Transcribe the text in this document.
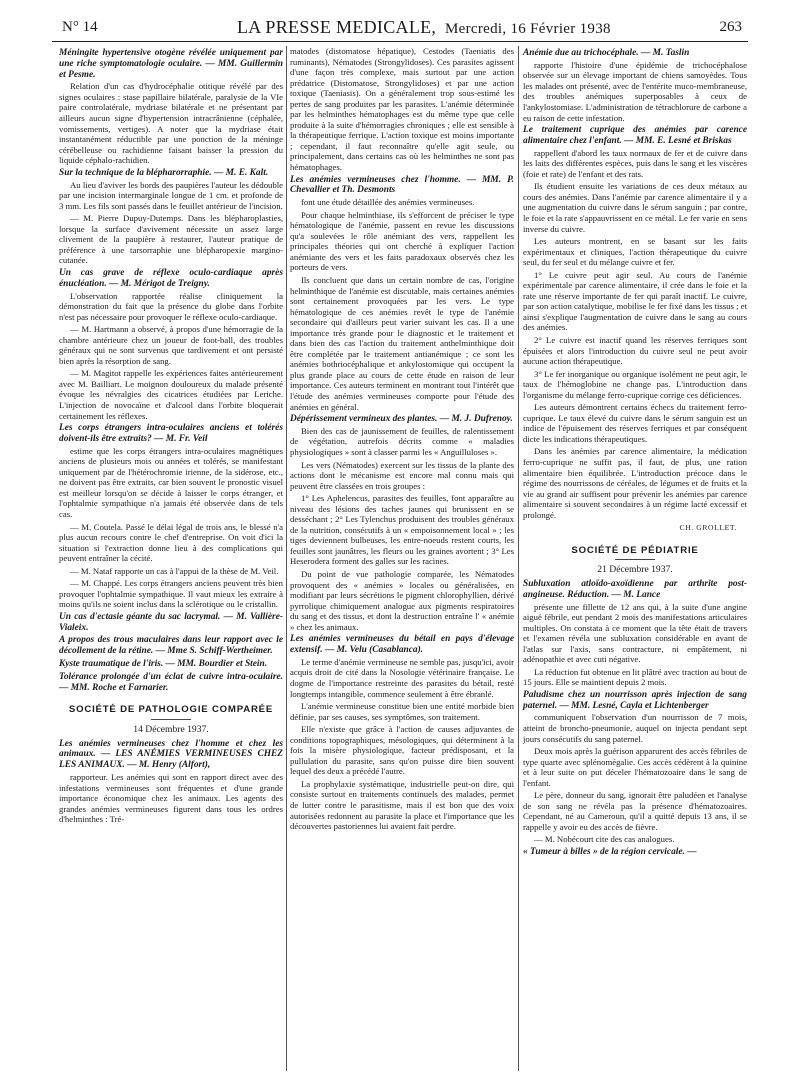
N° 14	LA PRESSE MEDICALE, Mercredi, 16 Février 1938	263
Méningite hypertensive otogène révélée uniquement par une riche symptomatologie oculaire. — MM. Guillermin et Pesme.

Relation d'un cas d'hydrocéphalie otitique révélé par des signes oculaires : stase papillaire bilatérale, paralysie de la VIe paire controlatérale, mydriase bilatérale et ne présentant par ailleurs aucun signe d'hypertension intracrânienne (céphalée, vomissements, vertiges). A noter que la mydriase était instantanément réductible par une ponction de la méninge cérébelleuse ou rachidienne faisant baisser la pression du liquide céphalo-rachidien.

Sur la technique de la blépharorraphie. — M. E. Kalt.

Au lieu d'aviver les bords des paupières l'auteur les dédouble par une incision intermarginale longue de 1 cm. et profonde de 3 mm. Les fils sont passés dans le feuillet antérieur de l'incision.

— M. Pierre Dupuy-Dutemps. Dans les blépharoplasties, lorsque la surface d'avivement nécessite un assez large clivement de la paupière à restaurer, l'auteur pratique de préférence à une tarsorraphie une blépharopexie margino-cutanée.

Un cas grave de réflexe oculo-cardiaque après énucléation. — M. Mérigot de Treigny.

L'observation rapportée réalise cliniquement la démonstration du fait que la présence du globe dans l'orbite n'est pas nécessaire pour provoquer le réflexe oculo-cardiaque.

— M. Hartmann a observé, à propos d'une hémorragie de la chambre antérieure chez un joueur de foot-ball, des troubles généraux qui ne sont survenus que tardivement et ont persisté bien après la résorption de sang.

— M. Magitot rappelle les expériences faites antérieurement avec M. Bailliart. Le moignon douloureux du malade présenté évoque les névralgies des cicatrices étudiées par Leriche. L'injection de novocaïne et d'alcool dans l'orbite bloquerait certainement les réflexes.

Les corps étrangers intra-oculaires anciens et tolérés doivent-ils être extraits? — M. Fr. Veil

estime que les corps étrangers intra-oculaires magnétiques anciens de plusieurs mois ou années et tolérés, se manifestant uniquement par de l'hétérochromie irienne, de la sidérose, etc., ne doivent pas être extraits, car bien souvent le pronostic visuel est meilleur lorsqu'on se décide à laisser le corps étranger, et l'ophtalmie sympathique n'a jamais été observée dans de tels cas.

— M. Coutela. Passé le délai légal de trois ans, le blessé n'a plus aucun recours contre le chef d'entreprise. On voit d'ici la situation si l'extraction donne lieu à des complications qui peuvent entraîner la cécité.

— M. Nataf rapporte un cas à l'appui de la thèse de M. Veil.

— M. Chappé. Les corps étrangers anciens peuvent très bien provoquer l'ophtalmie sympathique. Il vaut mieux les extraire à moins qu'ils ne soient inclus dans la sclérotique ou le cristallin.

Un cas d'ectasie géante du sac lacrymal. — M. Vallière-Vialeix.
A propos des trous maculaires dans leur rapport avec le décollement de la rétine. — Mme S. Schiff-Wertheimer.
Kyste traumatique de l'iris. — MM. Bourdier et Stein.
Tolérance prolongée d'un éclat de cuivre intra-oculaire. — MM. Roche et Farnarier.

SOCIÉTÉ DE PATHOLOGIE COMPARÉE

14 Décembre 1937.

Les anémies vermineuses chez l'homme et chez les animaux. — LES ANÉMIES VERMINEUSES CHEZ LES ANIMAUX. — M. Henry (Alfort),

rapporteur. Les anémies qui sont en rapport direct avec des infestations vermineuses sont fréquentes et d'une grande importance économique chez les animaux. Les agents des grandes anémies vermineuses figurent dans tous les ordres d'helminthes : Tré-

matodes (distomatose hépatique), Cestodes (Taeniatis des ruminants), Nématodes (Strongylidoses). Ces parasites agissent d'une façon très complexe, mais surtout par une action prédatrice (Distomatose, Strongylidoses) et par une action toxique (Taeniasis). On a généralement trop sous-estimé les pertes de sang produites par les parasites. L'anémie déterminée par les helminthes hématophages est du même type que celle produite à la suite d'hémorragies chroniques ; elle est sensible à la thérapeutique ferrique. L'action toxique est moins importante ; cependant, il faut reconnaître qu'elle agit seule, ou principalement, dans certains cas où les helminthes ne sont pas hématophages.

Les anémies vermineuses chez l'homme. — MM. P. Chevallier et Th. Desmonts

font une étude détaillée des anémies vermineuses.

Pour chaque helminthiase, ils s'efforcent de préciser le type hématologique de l'anémie, passent en revue les discussions qu'a soulevées le rôle anémiant des vers, rappellent les principales théories qui ont cherché à expliquer l'action anémiante des vers et les faits paradoxaux observés chez les porteurs de vers.

Ils concluent que dans un certain nombre de cas, l'origine helminthique de l'anémie est discutable, mais certaines anémies sont certainement provoquées par les vers. Le type hématologique de ces anémies revêt le type de l'anémie secondaire qui d'ailleurs peut varier suivant les cas. Il a une importance très grande pour le diagnostic et le traitement et dans bien des cas l'action du traitement anthelminthique doit être complétée par le traitement antianémique ; ce sont les anémies bothriocéphalique et ankylostomique qui occupent la plus grande place au cours de cette étude en raison de leur importance. Ces auteurs terminent en montrant tout l'intérêt que l'étude des anémies vermineuses comporte pour l'étude des anémies en général.

Dépérissement vermineux des plantes. — M. J. Dufrenoy.

Bien des cas de jaunissement de feuilles, de ralentissement de végétation, autrefois décrits comme « maladies physiologiques » sont à classer parmi les « Anguilluloses ».

Les vers (Nématodes) exercent sur les tissus de la plante des actions dont le mécanisme est encore mal connu mais qui peuvent être classées en trois groupes :

1° Les Aphelencus, parasites des feuilles, font apparaître au niveau des lésions des taches jaunes qui brunissent en se desséchant ; 2° Les Tylenchus produisent des troubles généraux de la nutrition, consécutifs à un « empoisonnement local » ; les tiges deviennent bulbeuses, les entre-noeuds restent courts, les feuilles sont jaunâtres, les fleurs ou les graines avortent ; 3° Les Heserodera forment des galles sur les racines.

Du point de vue pathologie comparée, les Nématodes provoquent des « anémies » locales ou généralisées, en modifiant par leurs sécrétions le pigment chlorophyllien, dérivé pyrrolique chimiquement analogue aux pigments respiratoires du sang et des tissus, et dont la destruction entraîne l' « anémie » chez les animaux.

Les anémies vermineuses du bétail en pays d'élevage extensif. — M. Velu (Casablanca).

Le terme d'anémie vermineuse ne semble pas, jusqu'ici, avoir acquis droit de cité dans la Nosologie vétérinaire française. Le dogme de l'importance restreinte des parasites du bétail, resté longtemps intangible, commence seulement à être ébranlé.

L'anémie vermineuse constitue bien une entité morbide bien définie, par ses causes, ses symptômes, son traitement.

Elle n'existe que grâce à l'action de causes adjuvantes de conditions topographiques, mésologiques, qui déterminent à la fois la misère physiologique, facteur prédisposant, et la pullulation du parasite, sans qu'on puisse dire bien souvent lequel des deux a précédé l'autre.

La prophylaxie systématique, industrielle peut-on dire, qui consiste surtout en traitements continuels des malades, permet de lutter contre le parasitisme, mais il est bon que des voix autorisées redonnent au parasite la place et l'importance que les découvertes pastoriennes lui avaient fait perdre.

Anémie due au trichocéphale. — M. Taslin

rapporte l'histoire d'une épidémie de trichocéphalose observée sur un élevage important de chiens samoyèdes. Tous les malades ont présenté, avec de l'entérite muco-membraneuse, des troubles anémiques superposables à ceux de l'ankylostomiase. L'administration de tétrachlorure de carbone a eu raison de cette infestation.

Le traitement cuprique des anémies par carence alimentaire chez l'enfant. — MM. E. Lesné et Briskas

rappellent d'abord les taux normaux de fer et de cuivre dans les laits des différentes espèces, puis dans le sang et les viscères (foie et rate) de l'enfant et des rats.

Ils étudient ensuite les variations de ces deux métaux au cours des anémies. Dans l'anémie par carence alimentaire il y a une augmentation du cuivre dans le sérum sanguin ; par contre, le foie et la rate s'appauvrissent en ce métal. Le fer varie en sens inverse du cuivre.

Les auteurs montrent, en se basant sur les faits expérimentaux et cliniques, l'action thérapeutique du cuivre seul, du fer seul et du mélange cuivre et fer.

1° Le cuivre peut agir seul. Au cours de l'anémie expérimentale par carence alimentaire, il crée dans le foie et la rate une réserve importante de fer qui paraît inactif. Le cuivre, par son action catalytique, mobilise le fer fixé dans les tissus ; et ainsi s'explique l'augmentation de cuivre dans le sang au cours des anémies.

2° Le cuivre est inactif quand les réserves ferriques sont épuisées et alors l'introduction du cuivre seul ne peut avoir aucune action thérapeutique.

3° Le fer inorganique ou organique isolément ne peut agir, le taux de l'hémoglobine ne change pas. L'introduction dans l'organisme du mélange ferro-cuprique corrige ces déficiences.

Les auteurs démontrent certains échecs du traitement ferro-cuprique. Le taux élevé du cuivre dans le sérum sanguin est un indice de l'épuisement des réserves ferriques et par conséquent dicte les indications thérapeutiques.

Dans les anémies par carence alimentaire, la médication ferro-cuprique ne suffit pas, il faut, de plus, une ration alimentaire bien équilibrée. L'introduction précoce dans le régime des nourrissons de céréales, de légumes et de fruits et la vie au grand air suffisent pour prévenir les anémies par carence alimentaire si souvent secondaires à un régime lacté excessif et prolongé.

CH. GROLLET.

SOCIÉTÉ DE PÉDIATRIE

21 Décembre 1937.

Subluxation atloïdo-axoïdienne par arthrite post-angineuse. Réduction. — M. Lance

présente une fillette de 12 ans qui, à la suite d'une angine aiguë fébrile, eut pendant 2 mois des manifestations articulaires multiples. On constata à ce moment que la tête était de travers et l'examen révéla une subluxation considérable en avant de l'atlas sur l'axis, sans contracture, ni empâtement, ni adénopathie et avec cuti négative.

La réduction fut obtenue en lit plâtré avec traction au bout de 15 jours. Elle se maintient depuis 2 mois.

Paludisme chez un nourrisson après injection de sang paternel. — MM. Lesné, Cayla et Lichtenberger

communiquent l'observation d'un nourrisson de 7 mois, atteint de broncho-pneumonie, auquel on injecta pendant sept jours consécutifs du sang paternel.

Deux mois après la guérison apparurent des accès fébriles de type quarte avec splénomégalie. Ces accès cédèrent à la quinine et à leur suite on put déceler l'hématozoaire dans le sang de l'enfant.

Le père, donneur du sang, ignorait être paludéen et l'analyse de son sang ne révéla pas la présence d'hématozoaires. Cependant, né au Cameroun, qu'il a quitté depuis 13 ans, il se rappelle y avoir eu des accès de fièvre.

— M. Nobécourt cite des cas analogues.

« Tumeur à billes » de la région cervicale. —
